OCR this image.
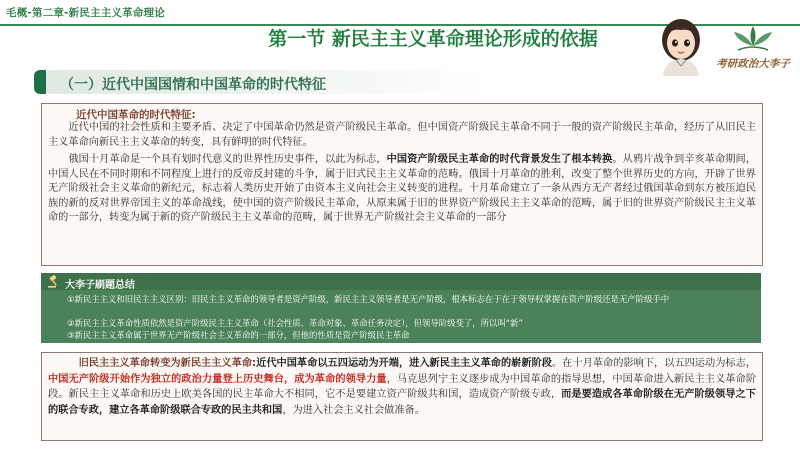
毛概-第二章-新民主主义革命理论
第一节 新民主主义革命理论形成的依据
考研政治大李子
（一）近代中国国情和中国革命的时代特征
近代中国革命的时代特征:
近代中国的社会性质和主要矛盾、决定了中国革命仍然是资产阶级民主革命。但中国资产阶级民主革命不同于一般的资产阶级民主革命，经历了从旧民主主义革命向新民主主义革命的转变，具有鲜明的时代特征。
俄国十月革命是一个具有划时代意义的世界性历史事件，以此为标志，中国资产阶级民主革命的时代背景发生了根本转换。从鸦片战争到辛亥革命期间，中国人民在不同时期和不同程度上进行的反帝反封建的斗争，属于旧式民主主义革命的范畴。俄国十月革命的胜利，改变了整个世界历史的方向，开辟了世界无产阶级社会主义革命的新纪元，标志着人类历史开始了由资本主义向社会主义转变的进程。十月革命建立了一条从西方无产者经过俄国革命到东方被压迫民族的新的反对世界帝国主义的革命战线，使中国的资产阶级民主革命，从原来属于旧的世界资产阶级民主主义革命的范畴，属于旧的世界资产阶级民主主义革命的一部分，转变为属于新的资产阶级民主主义革命的范畴，属于世界无产阶级社会主义革命的一部分
大李子刷题总结
①新民主主义和旧民主主义区别：旧民主主义革命的领导者是资产阶级，新民主主义领导者是无产阶级，根本标志在于在于领导权掌握在资产阶级还是无产阶级手中
②新民主主义革命性质依然是资产阶级民主主义革命（社会性质、革命对象、革命任务决定），但领导阶级变了，所以叫“新”
③新民主主义革命属于世界无产阶级社会主义革命的一部分，但他的性质是资产阶级民主革命
旧民主主义革命转变为新民主主义革命:近代中国革命以五四运动为开端，进入新民主主义革命的崭新阶段。在十月革命的影响下，以五四运动为标志，中国无产阶级开始作为独立的政治力量登上历史舞台，成为革命的领导力量，马克思列宁主义逐步成为中国革命的指导思想，中国革命进入新民主主义革命阶段。新民主主义革命和历史上欧美各国的民主革命大不相同，它不是要建立资产阶级共和国，造成资产阶级专政，而是要造成各革命阶级在无产阶级领导之下的联合专政，建立各革命阶级联合专政的民主共和国，为进入社会主义社会做准备。
